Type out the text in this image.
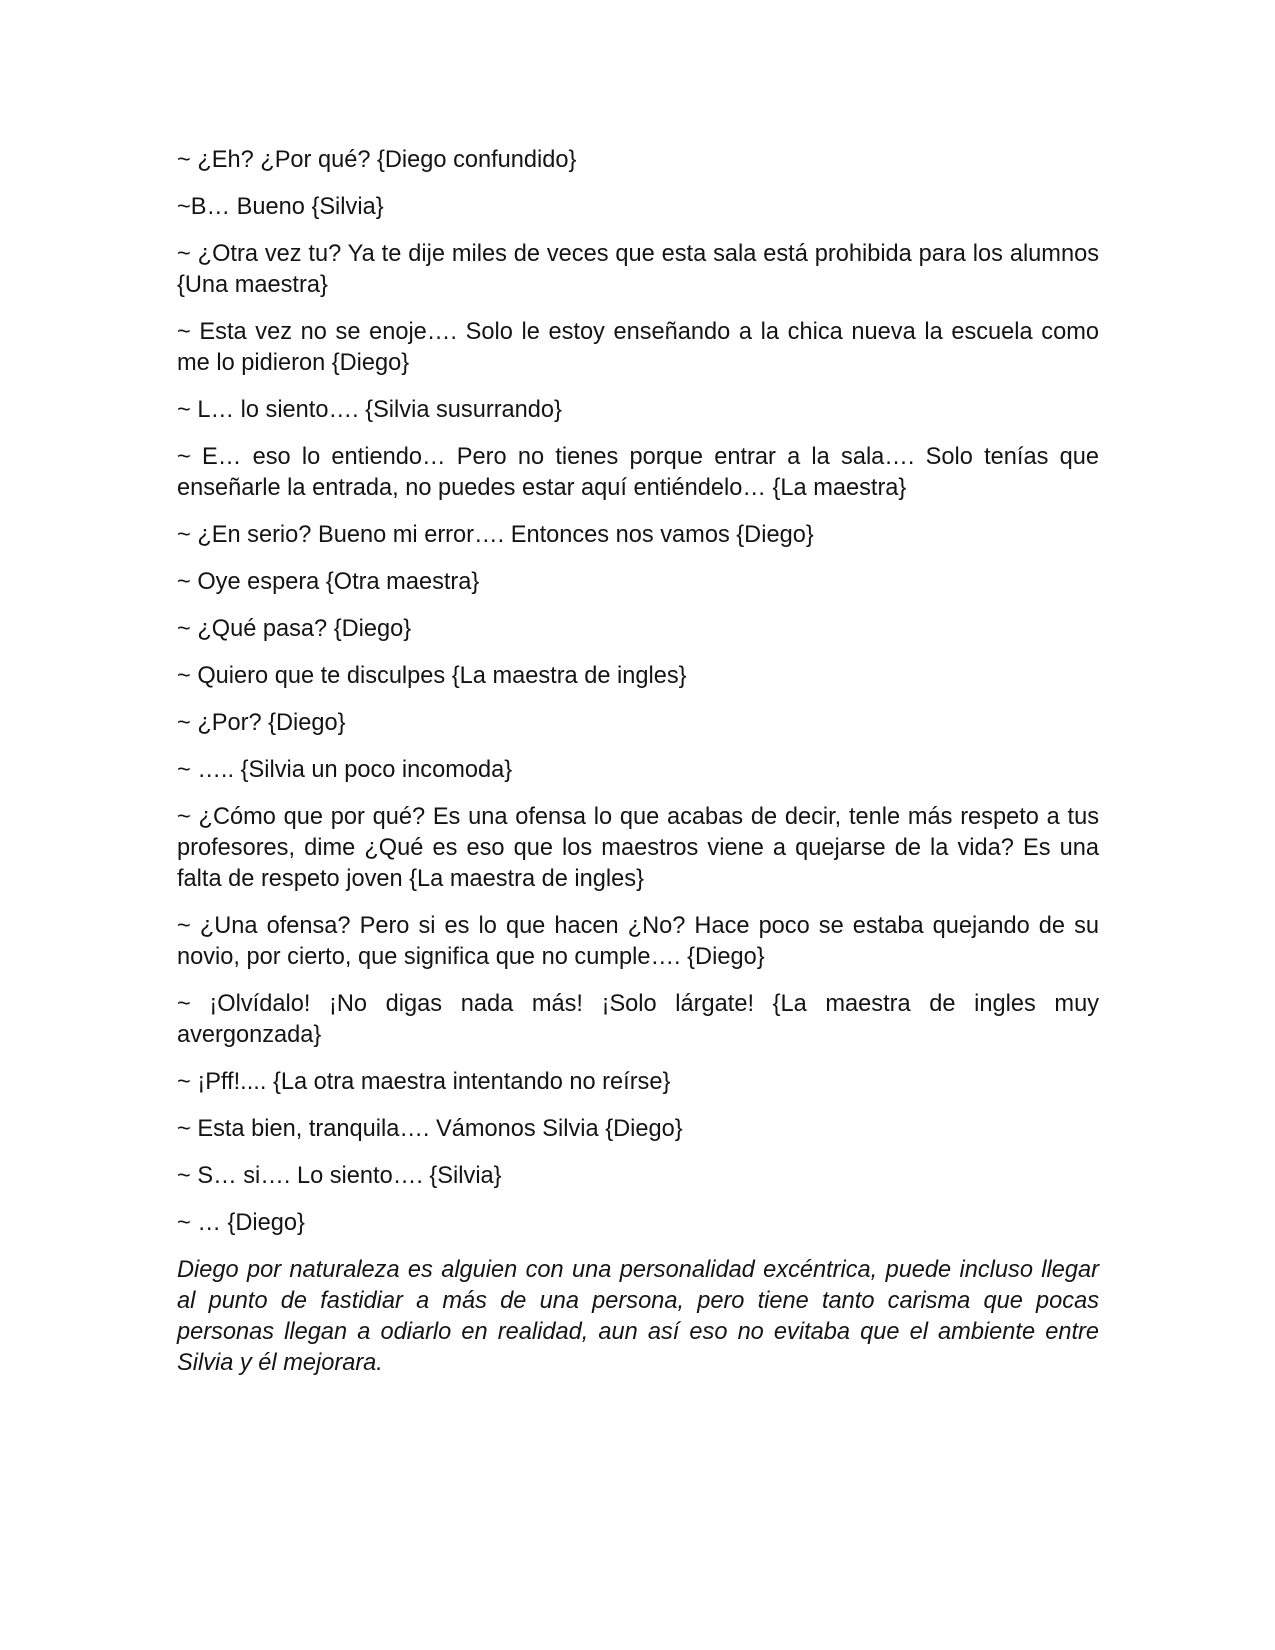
~ ¿Eh? ¿Por qué? {Diego confundido}

~B… Bueno {Silvia}

~ ¿Otra vez tu? Ya te dije miles de veces que esta sala está prohibida para los alumnos {Una maestra}

~ Esta vez no se enoje…. Solo le estoy enseñando a la chica nueva la escuela como me lo pidieron {Diego}

~ L… lo siento…. {Silvia susurrando}

~ E… eso lo entiendo… Pero no tienes porque entrar a la sala…. Solo tenías que enseñarle la entrada, no puedes estar aquí entiéndelo… {La maestra}

~ ¿En serio? Bueno mi error…. Entonces nos vamos {Diego}

~ Oye espera {Otra maestra}

~ ¿Qué pasa? {Diego}

~ Quiero que te disculpes {La maestra de ingles}

~ ¿Por? {Diego}

~ ….. {Silvia un poco incomoda}

~ ¿Cómo que por qué? Es una ofensa lo que acabas de decir, tenle más respeto a tus profesores, dime ¿Qué es eso que los maestros viene a quejarse de la vida? Es una falta de respeto joven {La maestra de ingles}

~ ¿Una ofensa? Pero si es lo que hacen ¿No? Hace poco se estaba quejando de su novio, por cierto, que significa que no cumple…. {Diego}

~ ¡Olvídalo! ¡No digas nada más! ¡Solo lárgate! {La maestra de ingles muy avergonzada}

~ ¡Pff!.... {La otra maestra intentando no reírse}

~ Esta bien, tranquila…. Vámonos Silvia {Diego}

~ S… si…. Lo siento…. {Silvia}

~ … {Diego}

Diego por naturaleza es alguien con una personalidad excéntrica, puede incluso llegar al punto de fastidiar a más de una persona, pero tiene tanto carisma que pocas personas llegan a odiarlo en realidad, aun así eso no evitaba que el ambiente entre Silvia y él mejorara.
